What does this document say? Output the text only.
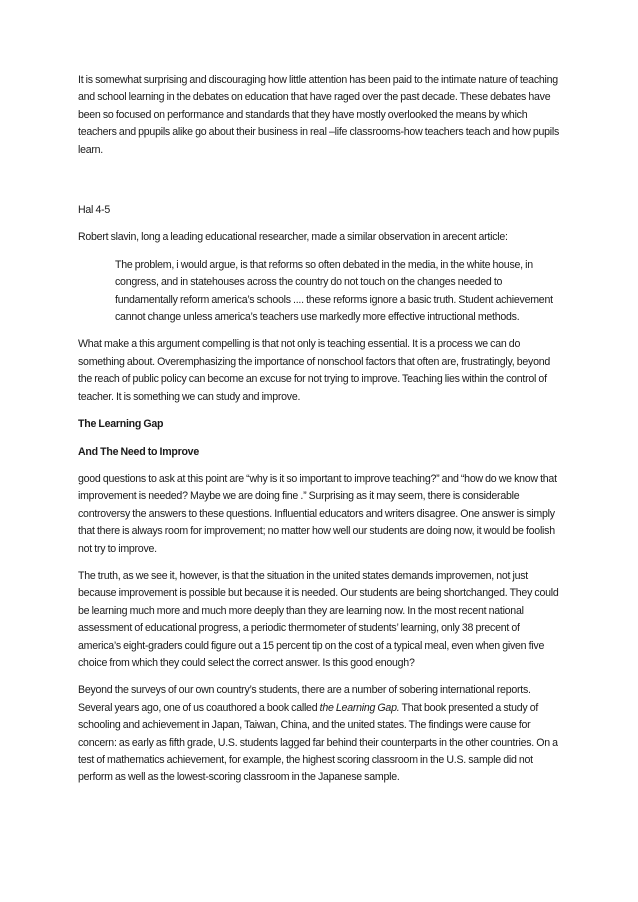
It is somewhat surprising and discouraging how little attention has been paid to the intimate nature of teaching and school learning in the debates on education that have raged over the past decade. These debates have been so focused on performance and standards that they have mostly overlooked the means by which teachers and ppupils alike go about their business in real –life classrooms-how teachers teach and how pupils learn.

Hal 4-5

Robert slavin, long a leading educational researcher, made a similar observation in arecent article:

The problem, i would argue, is that reforms so often debated in the media, in the white house, in congress, and in statehouses across the country do not touch on the changes needed to fundamentally reform america’s schools .... these reforms ignore a basic truth. Student achievement cannot change unless america’s teachers use markedly more effective intructional methods.

What make a this argument compelling is that not only is teaching essential. It is a process we can do something about. Overemphasizing the importance of nonschool factors that often are, frustratingly, beyond the reach of public policy can become an excuse for not trying to improve. Teaching lies within the control of teacher. It is something we can study and improve.

The Learning Gap

And The Need to Improve

good questions to ask at this point are “why is it so important to improve teaching?” and “how do we know that improvement is needed? Maybe we are doing fine .” Surprising as it may seem, there is considerable controversy the answers to these questions. Influential educators and writers disagree. One answer is simply that there is always room for improvement; no matter how well our students are doing now, it would be foolish not try to improve.

The truth, as we see it, however, is that the situation in the united states demands improvemen, not just because improvement is possible but because it is needed. Our students are being shortchanged. They could be learning much more and much more deeply than they are learning now. In the most recent national assessment of educational progress, a periodic thermometer of students’ learning, only 38 precent of america’s eight-graders could figure out a 15 percent tip on the cost of a typical meal, even when given five choice from which they could select the correct answer. Is this good enough?

Beyond the surveys of our own country’s students, there are a number of sobering international reports. Several years ago, one of us coauthored a book called the Learning Gap. That book presented a study of schooling and achievement in Japan, Taiwan, China, and the united states. The findings were cause for concern: as early as fifth grade, U.S. students lagged far behind their counterparts in the other countries. On a test of mathematics achievement, for example, the highest scoring classroom in the U.S. sample did not perform as well as the lowest-scoring classroom in the Japanese sample.
